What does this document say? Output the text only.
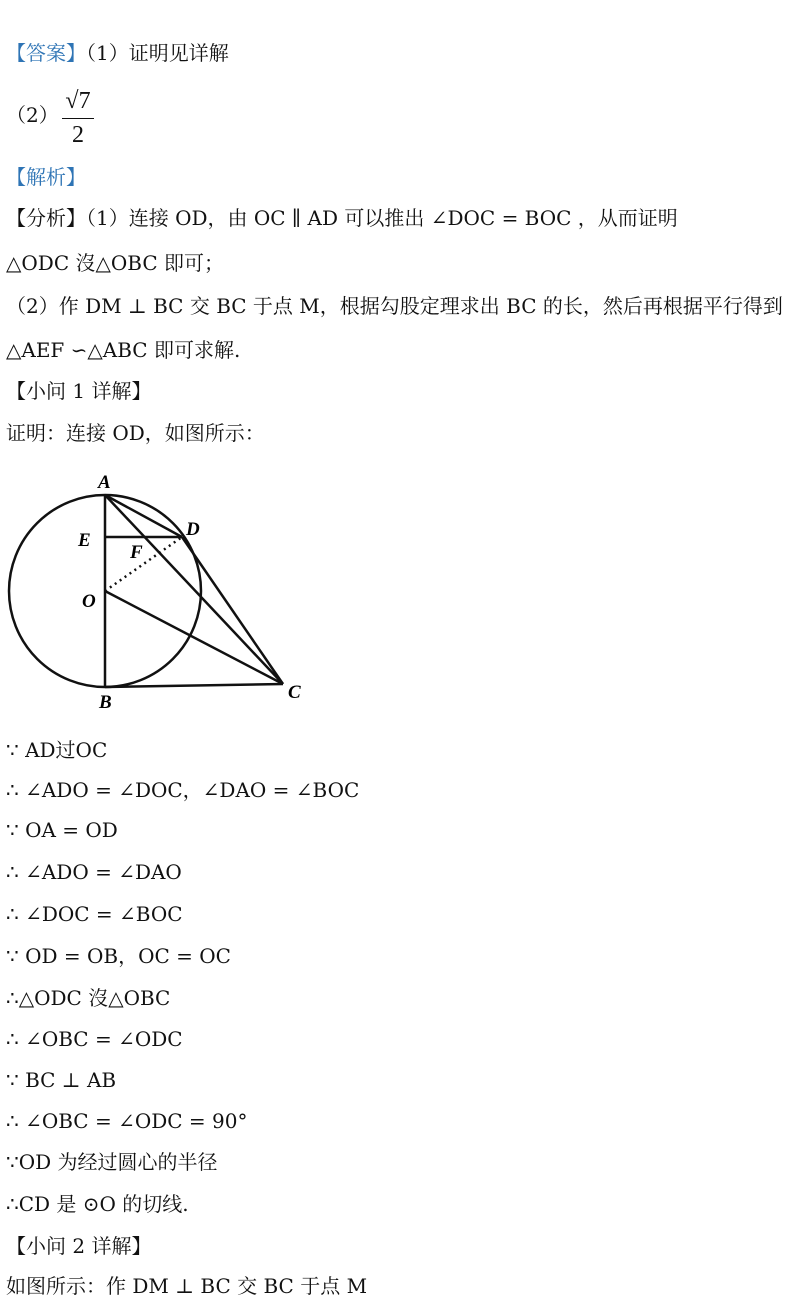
【答案】（1）证明见详解
（2）
√7
2
【解析】
【分析】（1）连接 OD，由 OC ∥ AD 可以推出 ∠DOC = BOC ，从而证明
△ODC 沒△OBC 即可；
（2）作 DM ⊥ BC 交 BC 于点 M，根据勾股定理求出 BC 的长，然后再根据平行得到
△AEF ∽△ABC 即可求解.
【小问 1 详解】
证明：连接 OD，如图所示：
A
D
E
F
O
B	C
∵ AD过OC
∴ ∠ADO = ∠DOC，∠DAO = ∠BOC
∵ OA = OD
∴ ∠ADO = ∠DAO
∴ ∠DOC = ∠BOC
∵ OD = OB，OC = OC
∴△ODC 沒△OBC
∴ ∠OBC = ∠ODC
∵ BC ⊥ AB
∴ ∠OBC = ∠ODC = 90°
∵OD 为经过圆心的半径
∴CD 是 ⊙O 的切线.
【小问 2 详解】
如图所示：作 DM ⊥ BC 交 BC 于点 M
